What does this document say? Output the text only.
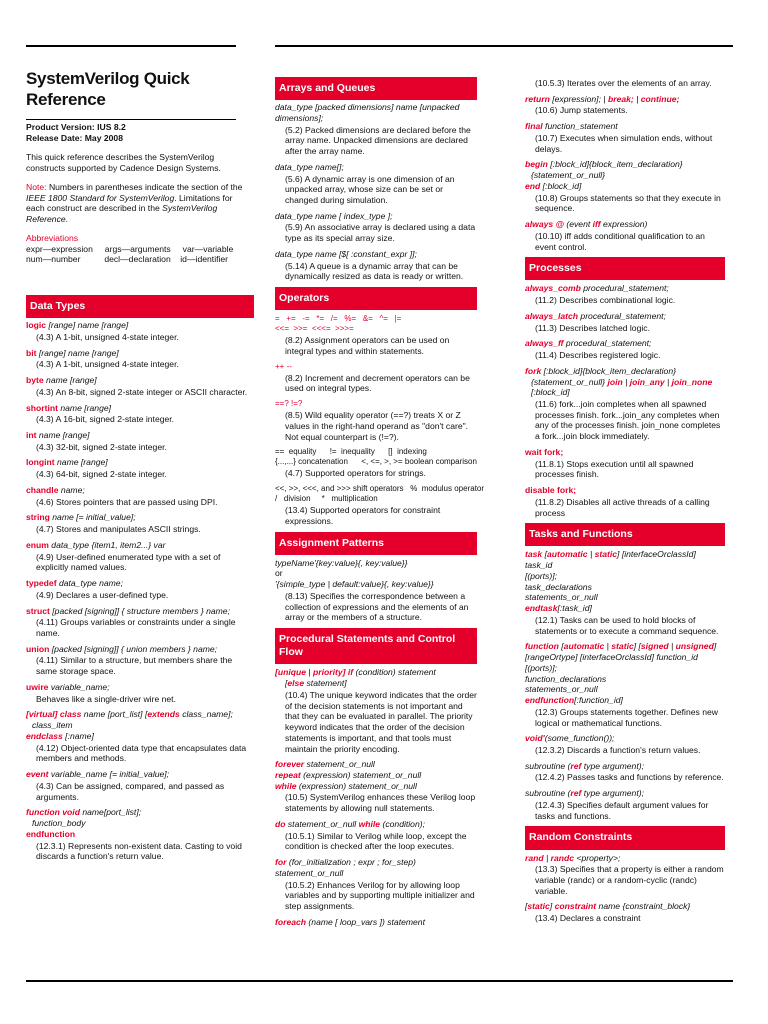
SystemVerilog Quick Reference

Product Version: IUS 8.2
Release Date: May 2008
This quick reference describes the SystemVerilog constructs supported by Cadence Design Systems.
Note: Numbers in parentheses indicate the section of the IEEE 1800 Standard for SystemVerilog. Limitations for each construct are described in the SystemVerilog Reference.
Abbreviations
expr—expression     args—arguments     var—variable
num—number          decl—declaration    id—identifier
Data Types
logic [range] name [range]
(4.3) A 1-bit, unsigned 4-state integer.
bit [range] name [range]
(4.3) A 1-bit, unsigned 4-state integer.
byte name [range]
(4.3) An 8-bit, signed 2-state integer or ASCII character.
shortint name [range]
(4.3) A 16-bit, signed 2-state integer.
int name [range]
(4.3) 32-bit, signed 2-state integer.
longint name [range]
(4.3) 64-bit, signed 2-state integer.
chandle name;
(4.6) Stores pointers that are passed using DPI.
string name [= initial_value];
(4.7) Stores and manipulates ASCII strings.
enum data_type {item1, item2...} var
(4.9) User-defined enumerated type with a set of explicitly named values.
typedef data_type name;
(4.9) Declares a user-defined type.
struct [packed [signing]] { structure members } name;
(4.11) Groups variables or constraints under a single name.
union [packed [signing]] { union members } name;
(4.11) Similar to a structure, but members share the same storage space.
uwire variable_name;
Behaves like a single-driver wire net.
[virtual] class name [port_list] [extends class_name];
class_item
endclass [:name]
(4.12) Object-oriented data type that encapsulates data members and methods.
event variable_name [= initial_value];
(4.3) Can be assigned, compared, and passed as arguments.
function void name[port_list];
function_body
endfunction
(12.3.1) Represents non-existent data. Casting to void discards a function's return value.
Arrays and Queues
data_type [packed dimensions] name [unpacked dimensions];
(5.2) Packed dimensions are declared before the array name. Unpacked dimensions are declared after the array name.
data_type name[];
(5.6) A dynamic array is one dimension of an unpacked array, whose size can be set or changed during simulation.
data_type name [ index_type ];
(5.9) An associative array is declared using a data type as its special array size.
data_type name [$[ :constant_expr ]];
(5.14) A queue is a dynamic array that can be dynamically resized as data is ready or written.
Operators
=   +=   -=   *=   /=   %=   &=   ^=   |=
<<=  >>=  <<<=  >>>=
(8.2) Assignment operators can be used on integral types and within statements.
++ --
(8.2) Increment and decrement operators can be used on integral types.
==? !=?
(8.5) Wild equality operator (==?) treats X or Z values in the right-hand operand as "don't care". Not equal counterpart is (!=?).
==  equality      !=  inequality      []  indexing
{...,...} concatenation      <, <=, >, >= boolean comparison
(4.7) Supported operators for strings.
<<, >>, <<<, and >>> shift operators   %  modulus operator
/   division     *   multiplication
(13.4) Supported operators for constraint expressions.
Assignment Patterns
typeName'{key:value}{, key:value}}
or
'{simple_type | default:value}{, key:value}}
(8.13) Specifies the correspondence between a collection of expressions and the elements of an array or the members of a structure.
Procedural Statements and Control Flow
[unique | priority] if (condition) statement
[else statement]
(10.4) The unique keyword indicates that the order of the decision statements is not important and that they can be evaluated in parallel. The priority keyword indicates that the order of the decision statements is important, and that tools must maintain the priority encoding.
forever statement_or_null
repeat (expression) statement_or_null
while (expression) statement_or_null
(10.5) SystemVerilog enhances these Verilog loop statements by allowing null statements.
do statement_or_null while (condition);
(10.5.1) Similar to Verilog while loop, except the condition is checked after the loop executes.
for (for_initialization ; expr ; for_step) statement_or_null
(10.5.2) Enhances Verilog for by allowing loop variables and by supporting multiple initializer and step assignments.
foreach (name [ loop_vars ]) statement
(10.5.3) Iterates over the elements of an array.
return [expression]; | break; | continue;
(10.6) Jump statements.
final function_statement
(10.7) Executes when simulation ends, without delays.
begin [:block_id]{block_item_declaration}
{statement_or_null}
end [:block_id]
(10.8) Groups statements so that they execute in sequence.
always @ (event iff expression)
(10.10) iff adds conditional qualification to an event control.
Processes
always_comb procedural_statement;
(11.2) Describes combinational logic.
always_latch procedural_statement;
(11.3) Describes latched logic.
always_ff procedural_statement;
(11.4) Describes registered logic.
fork [:block_id]{block_item_declaration}
{statement_or_null} join | join_any | join_none [:block_id]
(11.6) fork...join completes when all spawned processes finish. fork...join_any completes when any of the processes finish. join_none completes a fork...join block immediately.
wait fork;
(11.8.1) Stops execution until all spawned processes finish.
disable fork;
(11.8.2) Disables all active threads of a calling process
Tasks and Functions
task [automatic | static] [interfaceOrclassId] task_id
[(ports)];
task_declarations
statements_or_null
endtask[:task_id]
(12.1) Tasks can be used to hold blocks of statements or to execute a command sequence.
function [automatic | static] [signed | unsigned]
[rangeOrtype] [interfaceOrclassId] function_id [(ports)];
function_declarations
statements_or_null
endfunction[:function_id]
(12.3) Groups statements together. Defines new logical or mathematical functions.
void'(some_function());
(12.3.2) Discards a function's return values.
subroutine (ref type argument);
(12.4.2) Passes tasks and functions by reference.
subroutine (ref type argument);
(12.4.3) Specifies default argument values for tasks and functions.
Random Constraints
rand | randc <property>;
(13.3) Specifies that a property is either a random variable (randc) or a random-cyclic (randc) variable.
[static] constraint name {constraint_block}
(13.4) Declares a constraint
